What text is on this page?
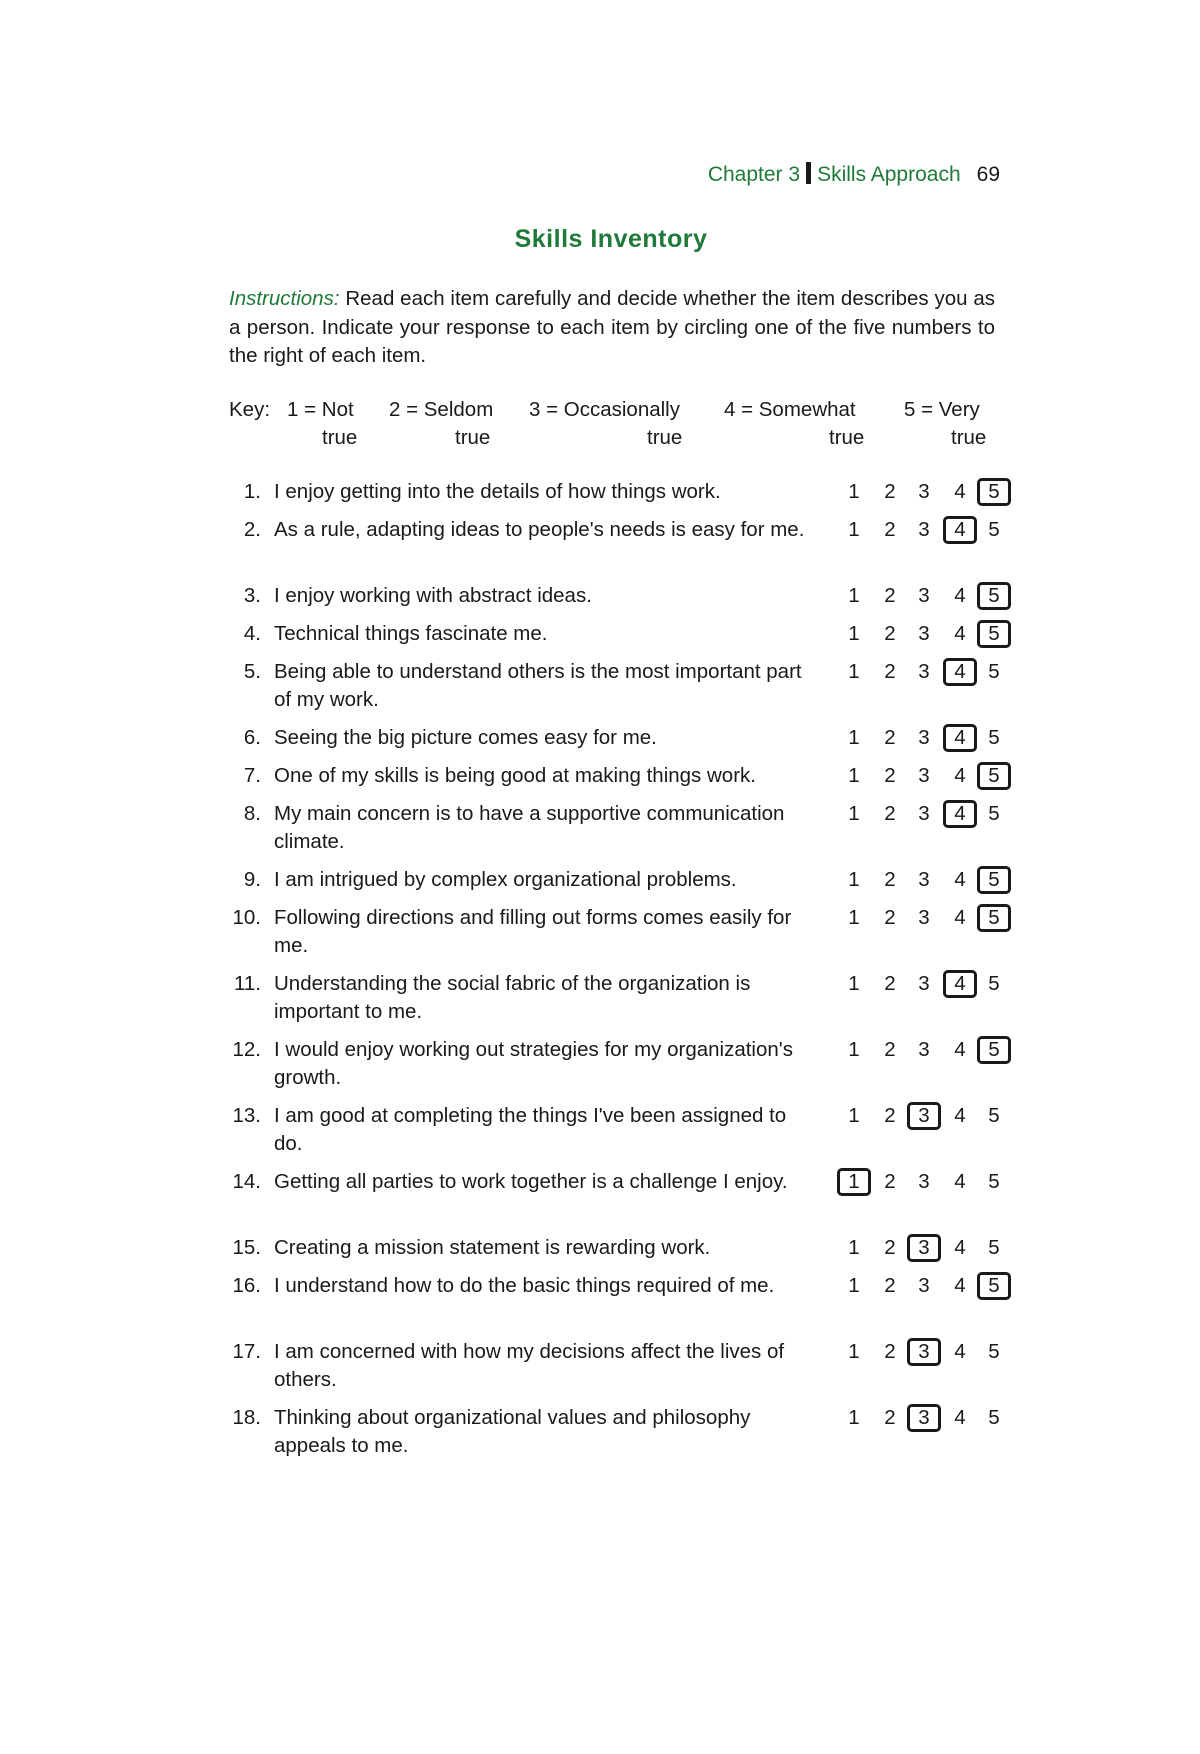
Chapter 3 Skills Approach 69
Skills Inventory
Instructions: Read each item carefully and decide whether the item describes you as a person. Indicate your response to each item by circling one of the five numbers to the right of each item.
Key: 1 = Not
true
2 = Seldom
true
3 = Occasionally
true
4 = Somewhat
true
5 = Very
true
1. I enjoy getting into the details of how things work.	1	2	3	4	5
2. As a rule, adapting ideas to people's needs is easy for me.	1	2	3	4	5
3. I enjoy working with abstract ideas.	1	2	3	4	5
4. Technical things fascinate me.	1	2	3	4	5
5. Being able to understand others is the most important part of my work.
1	2	3	4	5
6. Seeing the big picture comes easy for me.	1	2	3	4	5
7. One of my skills is being good at making things work.	1	2	3	4	5
8. My main concern is to have a supportive communication climate.
1	2	3	4	5
9. I am intrigued by complex organizational problems.	1	2	3	4	5
10. Following directions and filling out forms comes easily for me.
1	2	3	4	5
11. Understanding the social fabric of the organization is important to me.
1	2	3	4	5
12. I would enjoy working out strategies for my organization's growth.
1	2	3	4	5
13. I am good at completing the things I've been assigned to do.
1	2	3	4	5
14. Getting all parties to work together is a challenge I enjoy.	1	2	3	4	5
15. Creating a mission statement is rewarding work.	1	2	3	4	5
16. I understand how to do the basic things required of me.	1	2	3	4	5
17. I am concerned with how my decisions affect the lives of others.
1	2	3	4	5
18. Thinking about organizational values and philosophy appeals to me.
1	2	3	4	5
